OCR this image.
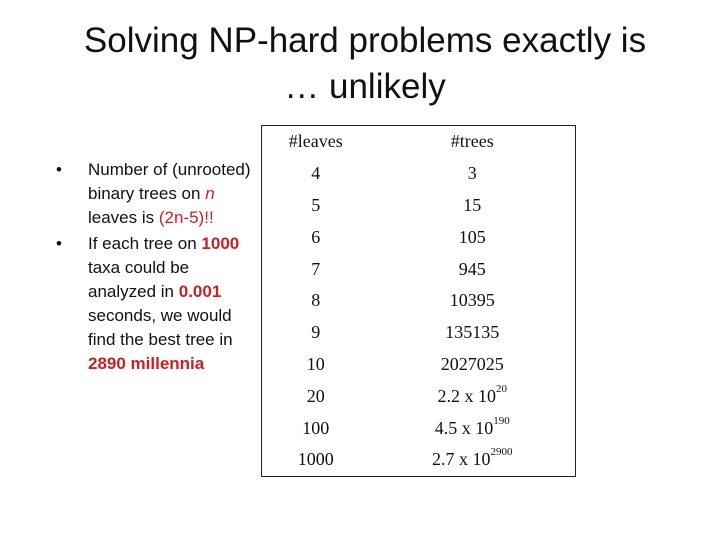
Solving NP-hard problems exactly is
… unlikely
• Number of (unrooted) binary trees on n leaves is (2n-5)!!
• If each tree on 1000 taxa could be analyzed in 0.001 seconds, we would find the best tree in
2890 millennia
#leaves	#trees
4	3
5	15
6	105
7	945
8	10395
9	135135
10	2027025
20	2.2 x $10^{20}$
100	4.5 x $10^{190}$
1000	2.7 x $10^{2900}$
